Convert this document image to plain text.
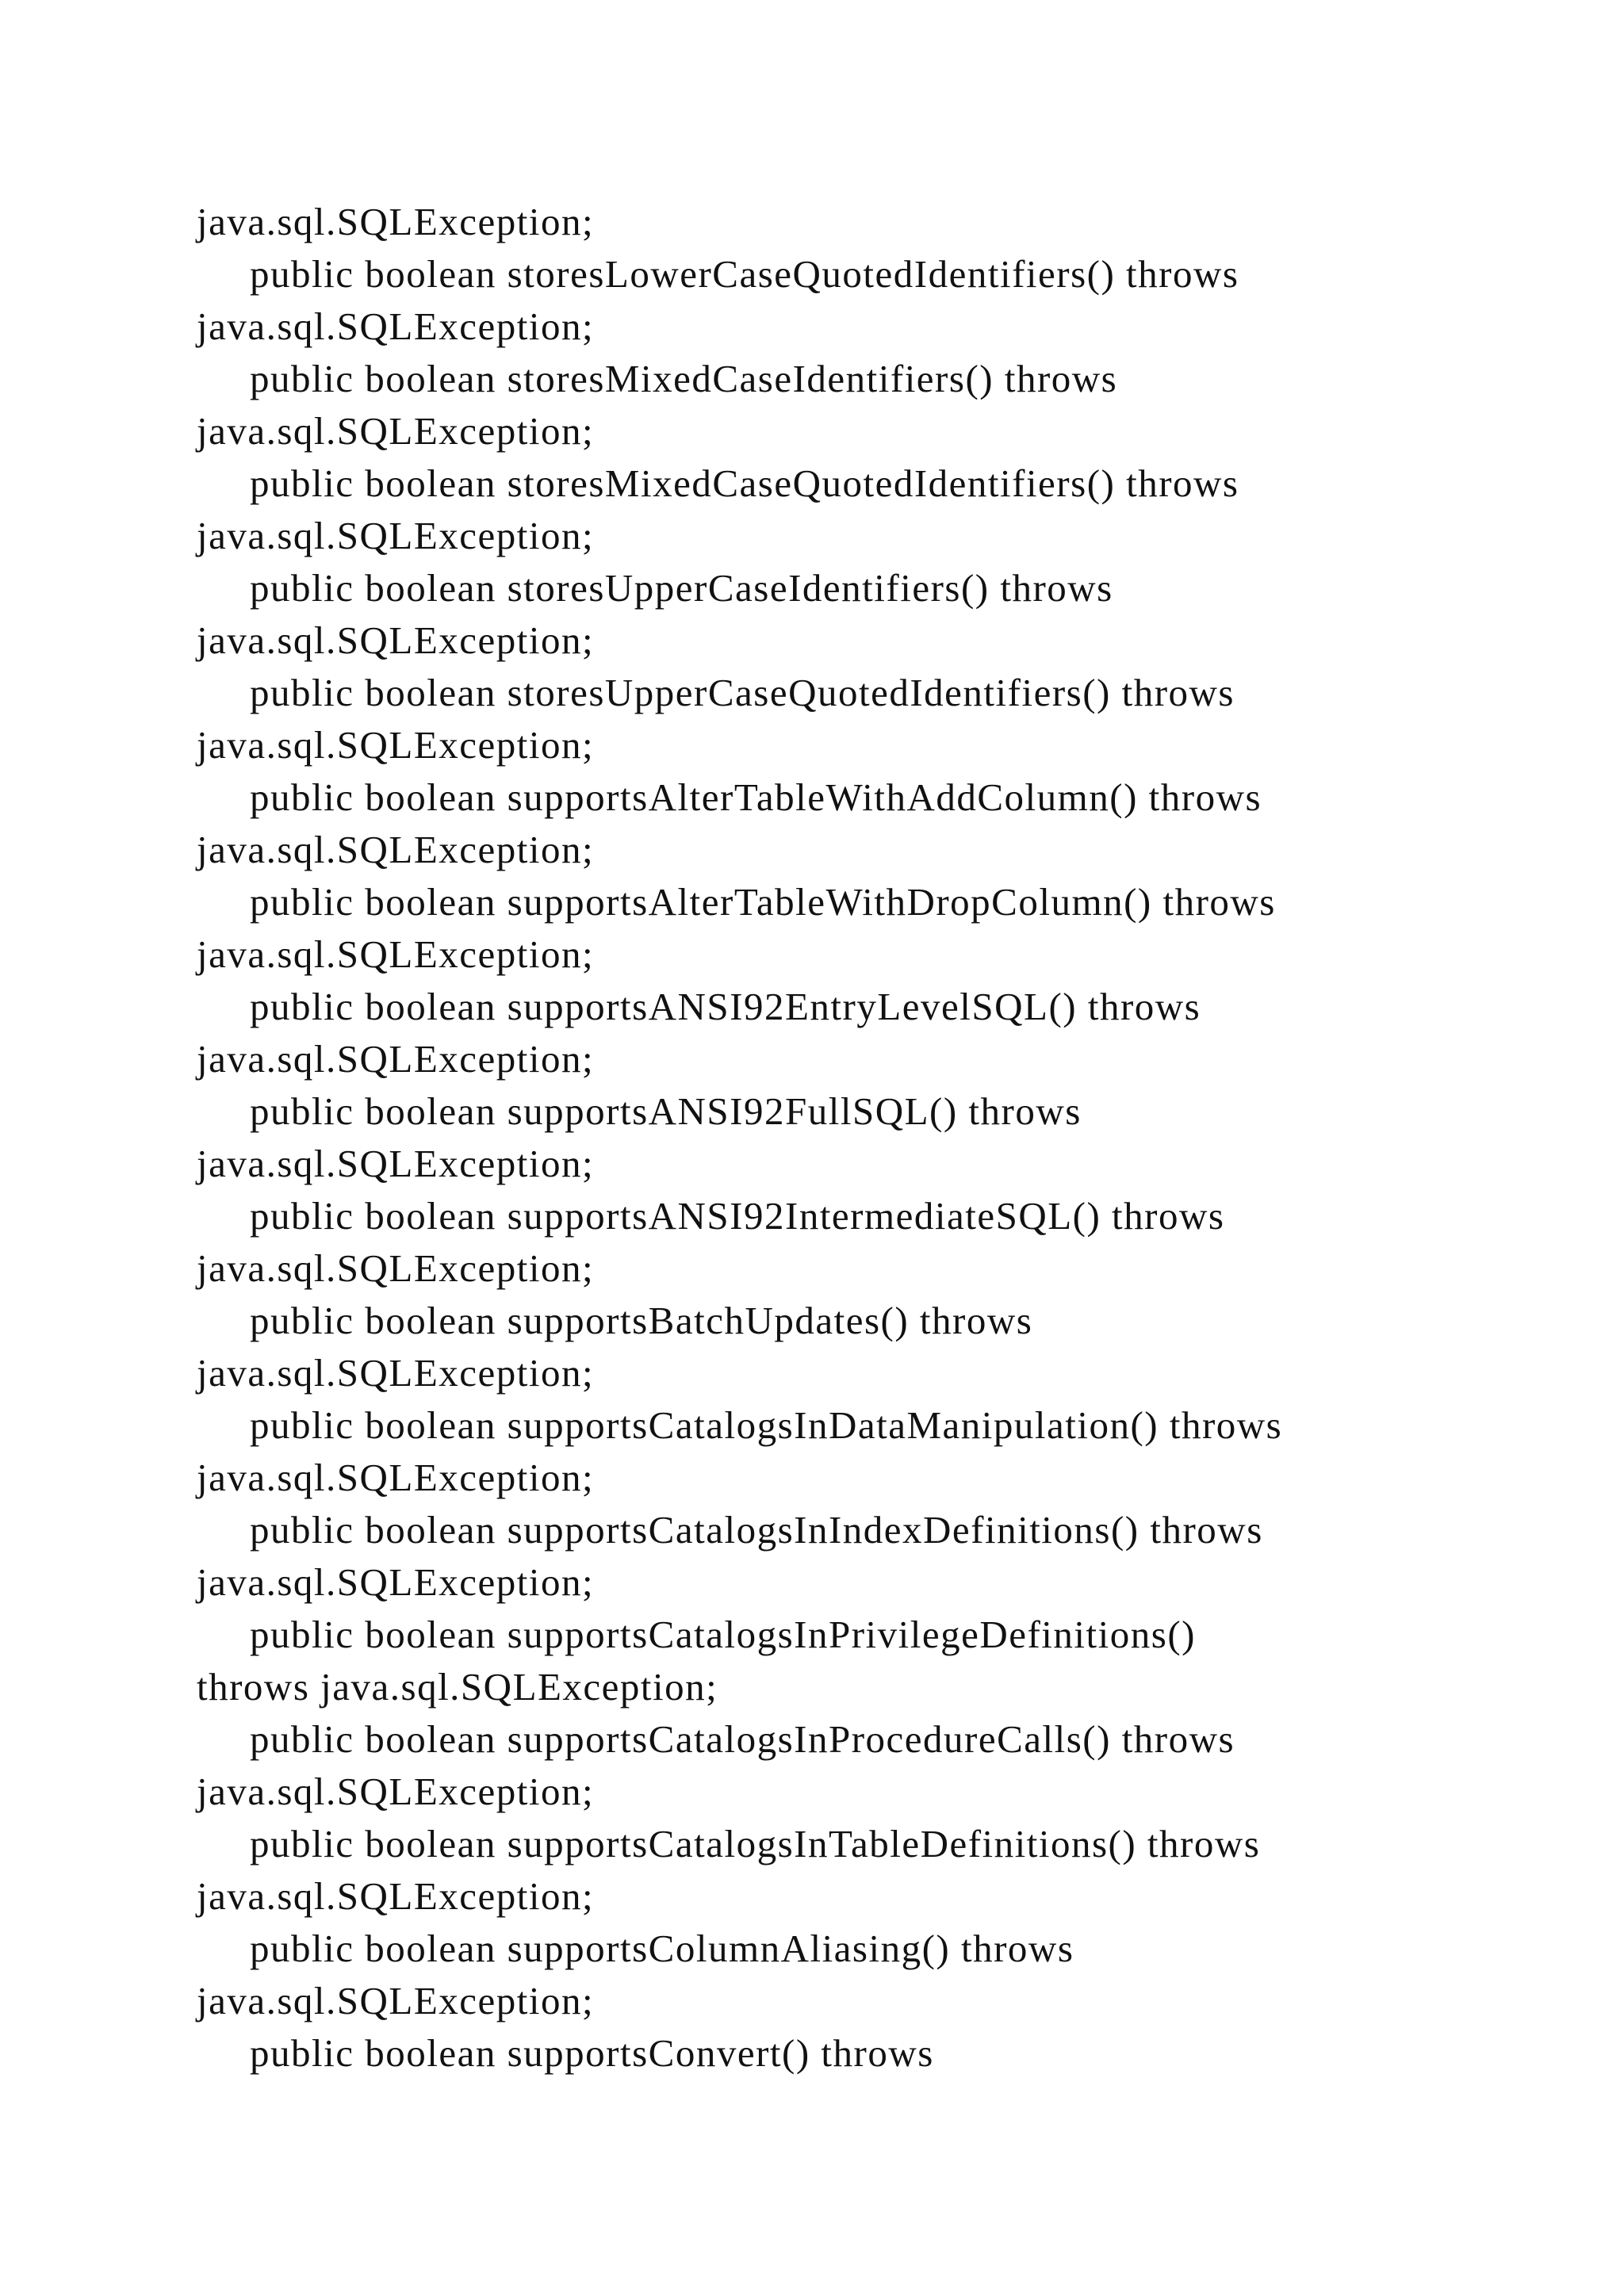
java.sql.SQLException;
public boolean storesLowerCaseQuotedIdentifiers() throws
java.sql.SQLException;
public boolean storesMixedCaseIdentifiers() throws
java.sql.SQLException;
public boolean storesMixedCaseQuotedIdentifiers() throws
java.sql.SQLException;
public boolean storesUpperCaseIdentifiers() throws
java.sql.SQLException;
public boolean storesUpperCaseQuotedIdentifiers() throws
java.sql.SQLException;
public boolean supportsAlterTableWithAddColumn() throws
java.sql.SQLException;
public boolean supportsAlterTableWithDropColumn() throws
java.sql.SQLException;
public boolean supportsANSI92EntryLevelSQL() throws
java.sql.SQLException;
public boolean supportsANSI92FullSQL() throws
java.sql.SQLException;
public boolean supportsANSI92IntermediateSQL() throws
java.sql.SQLException;
public boolean supportsBatchUpdates() throws
java.sql.SQLException;
public boolean supportsCatalogsInDataManipulation() throws
java.sql.SQLException;
public boolean supportsCatalogsInIndexDefinitions() throws
java.sql.SQLException;
public boolean supportsCatalogsInPrivilegeDefinitions()
throws java.sql.SQLException;
public boolean supportsCatalogsInProcedureCalls() throws
java.sql.SQLException;
public boolean supportsCatalogsInTableDefinitions() throws
java.sql.SQLException;
public boolean supportsColumnAliasing() throws
java.sql.SQLException;
public boolean supportsConvert() throws
